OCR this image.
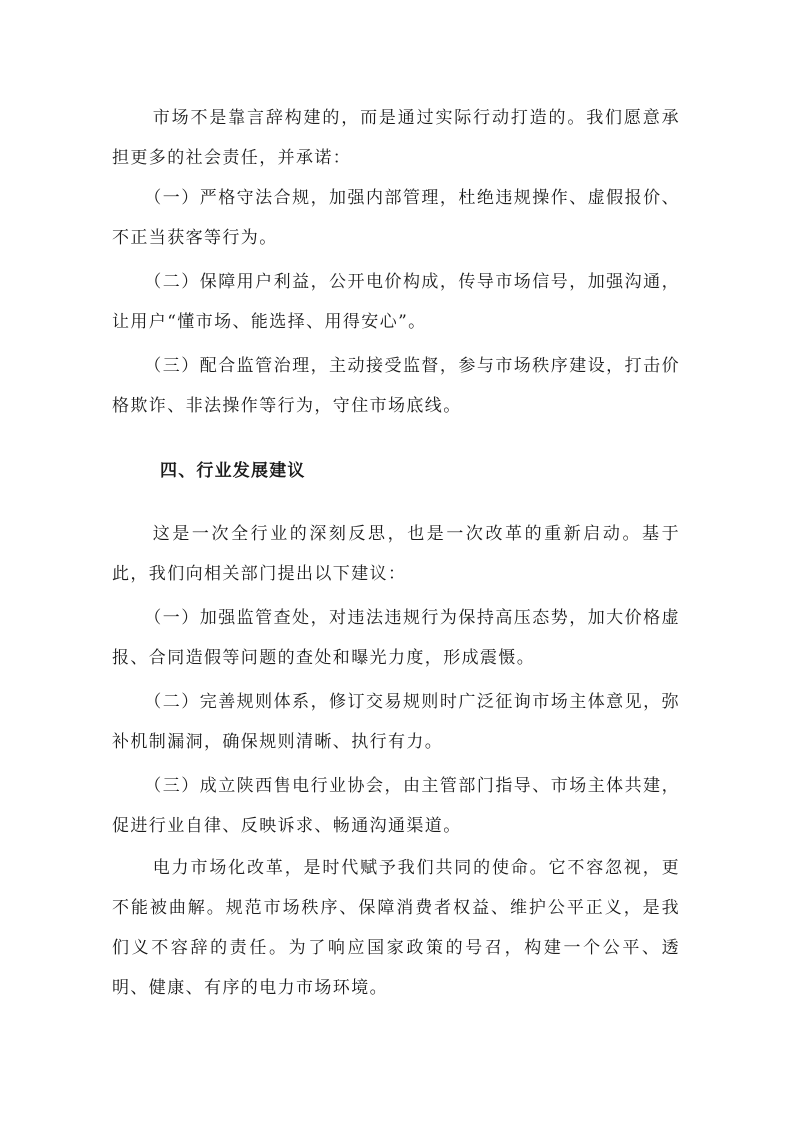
市场不是靠言辞构建的，而是通过实际行动打造的。我们愿意承担更多的社会责任，并承诺：

（一）严格守法合规，加强内部管理，杜绝违规操作、虚假报价、不正当获客等行为。

（二）保障用户利益，公开电价构成，传导市场信号，加强沟通，让用户“懂市场、能选择、用得安心”。

（三）配合监管治理，主动接受监督，参与市场秩序建设，打击价格欺诈、非法操作等行为，守住市场底线。

四、行业发展建议

这是一次全行业的深刻反思，也是一次改革的重新启动。基于此，我们向相关部门提出以下建议：

（一）加强监管查处，对违法违规行为保持高压态势，加大价格虚报、合同造假等问题的查处和曝光力度，形成震慑。

（二）完善规则体系，修订交易规则时广泛征询市场主体意见，弥补机制漏洞，确保规则清晰、执行有力。

（三）成立陕西售电行业协会，由主管部门指导、市场主体共建，促进行业自律、反映诉求、畅通沟通渠道。

电力市场化改革，是时代赋予我们共同的使命。它不容忽视，更不能被曲解。规范市场秩序、保障消费者权益、维护公平正义，是我们义不容辞的责任。为了响应国家政策的号召，构建一个公平、透明、健康、有序的电力市场环境。
